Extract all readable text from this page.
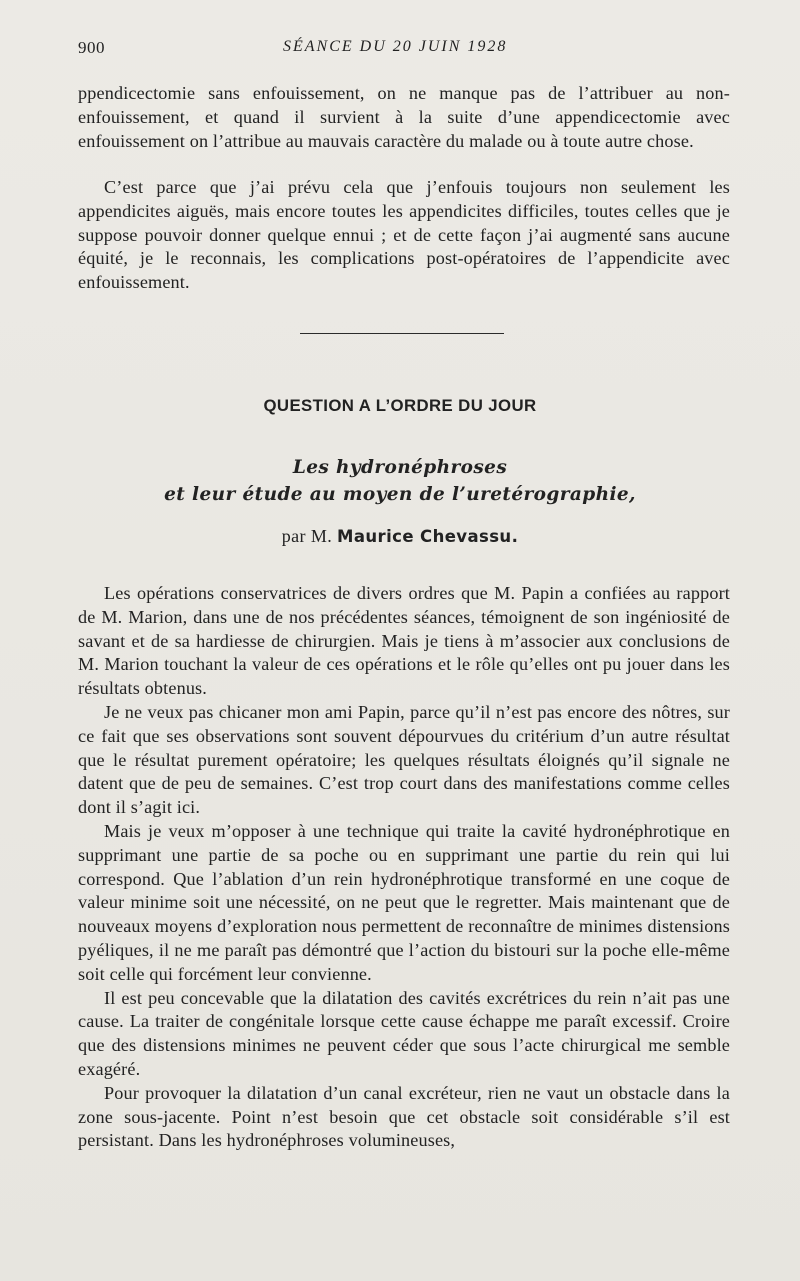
900	SÉANCE DU 20 JUIN 1928

ppendicectomie sans enfouissement, on ne manque pas de l’attribuer au non-enfouissement, et quand il survient à la suite d’une appendicectomie avec enfouissement on l’attribue au mauvais caractère du malade ou à toute autre chose.

C’est parce que j’ai prévu cela que j’enfouis toujours non seulement les appendicites aiguës, mais encore toutes les appendicites difficiles, toutes celles que je suppose pouvoir donner quelque ennui ; et de cette façon j’ai augmenté sans aucune équité, je le reconnais, les complications post-opératoires de l’appendicite avec enfouissement.

QUESTION A L’ORDRE DU JOUR
Les hydronéphroses
et leur étude au moyen de l’uretérographie,
par M. Maurice Chevassu.

Les opérations conservatrices de divers ordres que M. Papin a confiées au rapport de M. Marion, dans une de nos précédentes séances, témoignent de son ingéniosité de savant et de sa hardiesse de chirurgien. Mais je tiens à m’associer aux conclusions de M. Marion touchant la valeur de ces opérations et le rôle qu’elles ont pu jouer dans les résultats obtenus.

Je ne veux pas chicaner mon ami Papin, parce qu’il n’est pas encore des nôtres, sur ce fait que ses observations sont souvent dépourvues du critérium d’un autre résultat que le résultat purement opératoire; les quelques résultats éloignés qu’il signale ne datent que de peu de semaines. C’est trop court dans des manifestations comme celles dont il s’agit ici.

Mais je veux m’opposer à une technique qui traite la cavité hydronéphrotique en supprimant une partie de sa poche ou en supprimant une partie du rein qui lui correspond. Que l’ablation d’un rein hydronéphrotique transformé en une coque de valeur minime soit une nécessité, on ne peut que le regretter. Mais maintenant que de nouveaux moyens d’exploration nous permettent de reconnaître de minimes distensions pyéliques, il ne me paraît pas démontré que l’action du bistouri sur la poche elle-même soit celle qui forcément leur convienne.

Il est peu concevable que la dilatation des cavités excrétrices du rein n’ait pas une cause. La traiter de congénitale lorsque cette cause échappe me paraît excessif. Croire que des distensions minimes ne peuvent céder que sous l’acte chirurgical me semble exagéré.

Pour provoquer la dilatation d’un canal excréteur, rien ne vaut un obstacle dans la zone sous-jacente. Point n’est besoin que cet obstacle soit considérable s’il est persistant. Dans les hydronéphroses volumineuses,
